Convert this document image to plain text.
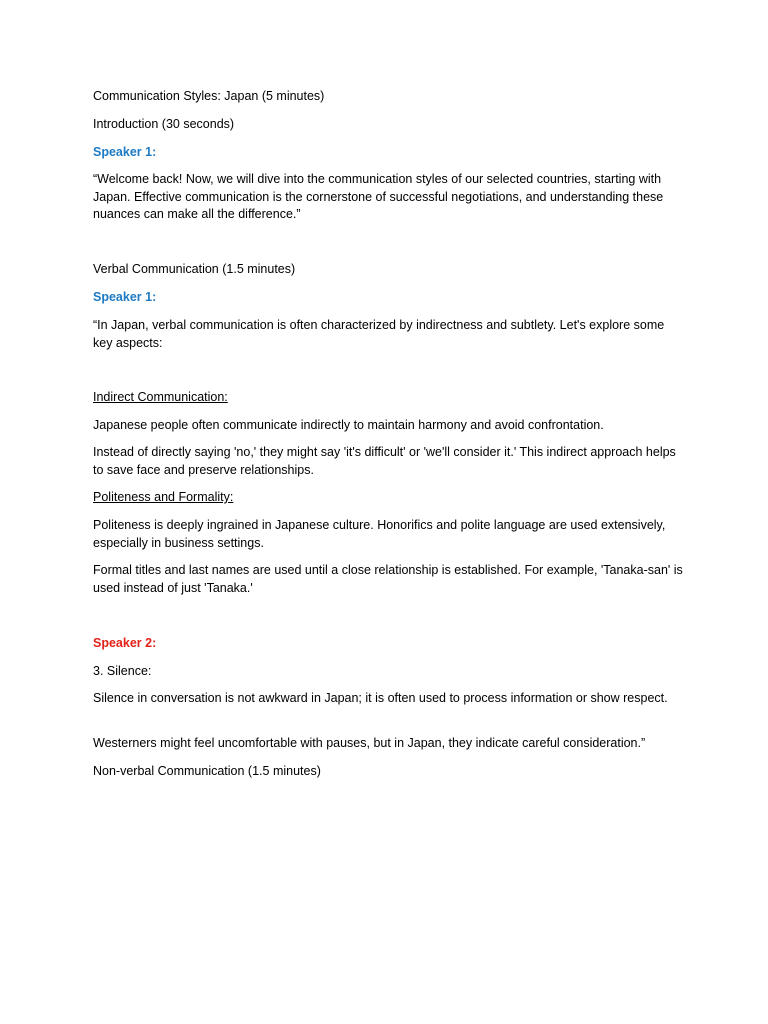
Communication Styles: Japan (5 minutes)

Introduction (30 seconds)

Speaker 1:

“Welcome back! Now, we will dive into the communication styles of our selected countries, starting with Japan. Effective communication is the cornerstone of successful negotiations, and understanding these nuances can make all the difference.”

Verbal Communication (1.5 minutes)

Speaker 1:

“In Japan, verbal communication is often characterized by indirectness and subtlety. Let's explore some key aspects:

Indirect Communication:

Japanese people often communicate indirectly to maintain harmony and avoid confrontation.

Instead of directly saying 'no,' they might say 'it's difficult' or 'we'll consider it.' This indirect approach helps to save face and preserve relationships.

Politeness and Formality:

Politeness is deeply ingrained in Japanese culture. Honorifics and polite language are used extensively, especially in business settings.

Formal titles and last names are used until a close relationship is established. For example, 'Tanaka-san' is used instead of just 'Tanaka.'

Speaker 2:

3. Silence:

Silence in conversation is not awkward in Japan; it is often used to process information or show respect.

Westerners might feel uncomfortable with pauses, but in Japan, they indicate careful consideration.”

Non-verbal Communication (1.5 minutes)
